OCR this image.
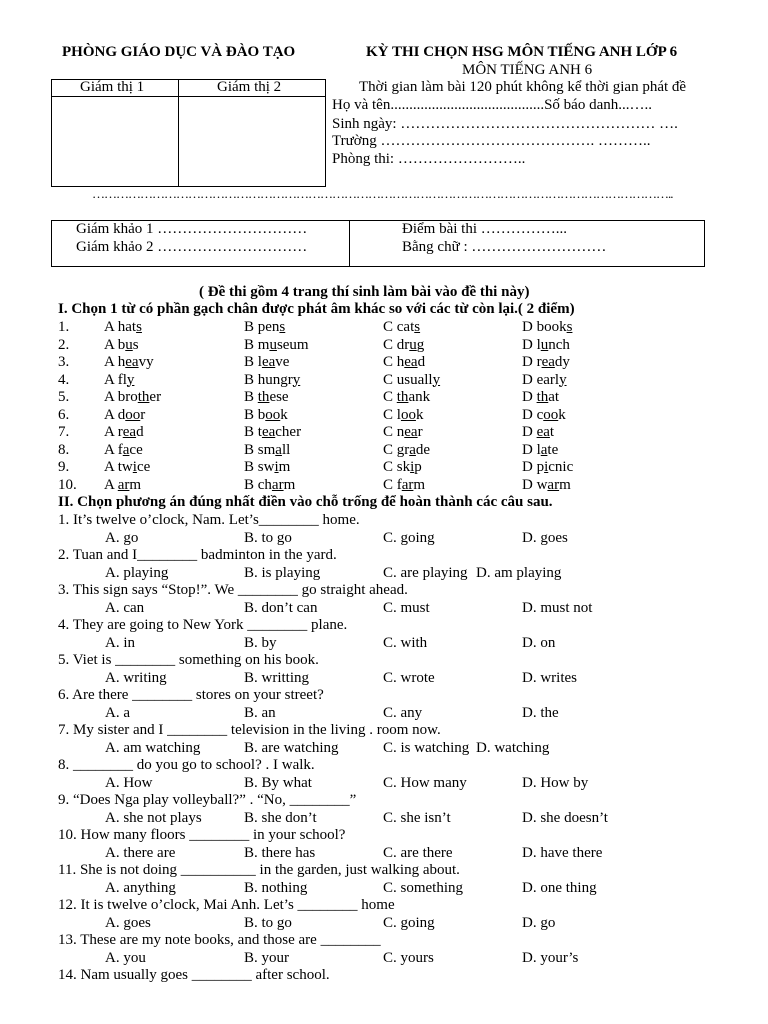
PHÒNG GIÁO DỤC VÀ ĐÀO TẠO	KỲ THI CHỌN HSG MÔN TIẾNG ANH LỚP 6
MÔN TIẾNG ANH 6
Thời gian làm bài 120 phút không kể thời gian phát đề
Họ và tên.........................................Số báo danh...…..
Sinh ngày: …………………………………………… ….
Trường ……………………………………. ………..
Phòng thi: ……………………..
Giám thị 1	Giám thị 2
………………………………………………………………………………………………………………………………..
Giám khảo 1 …………………………
Giám khảo 2 …………………………
Điểm bài thi ……………...
Bằng chữ : ………………………
( Đề thi gồm 4 trang thí sinh làm bài vào đề thi này)
I. Chọn 1 từ có phần gạch chân được phát âm khác so với các từ còn lại.( 2 điểm)
1. A hats	B pens	C cats	D books
2. A bus	B museum	C drug	D lunch
3. A heavy	B leave	C head	D ready
4. A fly	B hungry	C usually	D early
5. A brother	B these	C thank	D that
6. A door	B book	C look	D cook
7. A read	B teacher	C near	D eat
8. A face	B small	C grade	D late
9. A twice	B swim	C skip	D picnic
10. A arm	B charm	C farm	D warm
II. Chọn phương án đúng nhất điền vào chỗ trống để hoàn thành các câu sau.
1. It’s twelve o’clock, Nam. Let’s________ home.
A. go	B. to go	C. going	D. goes
2. Tuan and I________ badminton in the yard.
A. playing	B. is playing	C. are playing D. am playing
3. This sign says “Stop!”. We ________ go straight ahead.
A. can	B. don’t can	C. must	D. must not
4. They are going to New York ________ plane.
A. in	B. by	C. with	D. on
5. Viet is ________ something on his book.
A. writing	B. writting	C. wrote	D. writes
6. Are there ________ stores on your street?
A. a	B. an	C. any	D. the
7. My sister and I ________ television in the living . room now.
A. am watching	B. are watching	C. is watching D. watching
8. ________ do you go to school? . I walk.
A. How	B. By what	C. How many	D. How by
9. “Does Nga play volleyball?” . “No, ________”
A. she not plays	B. she don’t	C. she isn’t	D. she doesn’t
10. How many floors ________ in your school?
A. there are	B. there has	C. are there	D. have there
11. She is not doing __________ in the garden, just walking about.
A. anything	B. nothing	C. something	D. one thing
12. It is twelve o’clock, Mai Anh. Let’s ________ home
A. goes	B. to go	C. going	D. go
13. These are my note books, and those are ________
A. you	B. your	C. yours	D. your’s
14. Nam usually goes ________ after school.
